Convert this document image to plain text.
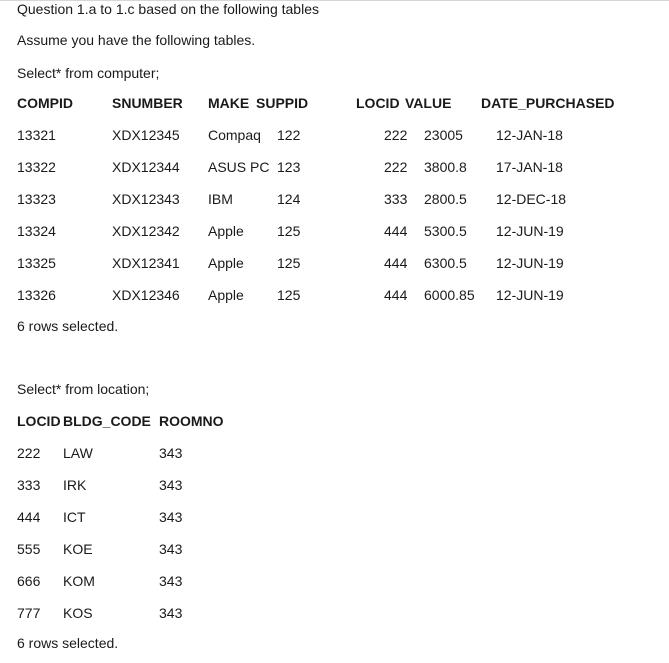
Question 1.a to 1.c based on the following tables
Assume you have the following tables.
Select* from computer;
COMPID	SNUMBER MAKE SUPPID	LOCID VALUE DATE_PURCHASED
13321	XDX12345 Compaq 122	222 23005 12-JAN-18
13322	XDX12344 ASUS PC 123	222 3800.8 17-JAN-18
13323	XDX12343 IBM	124	333 2800.5 12-DEC-18
13324	XDX12342 Apple 125	444 5300.5 12-JUN-19
13325	XDX12341 Apple 125	444 6300.5 12-JUN-19
13326	XDX12346 Apple 125	444 6000.85 12-JUN-19
6 rows selected.
Select* from location;
LOCID BLDG_CODE ROOMNO
222 LAW	343
333 IRK	343
444 ICT	343
555 KOE	343
666 KOM	343
777 KOS	343
6 rows selected.
